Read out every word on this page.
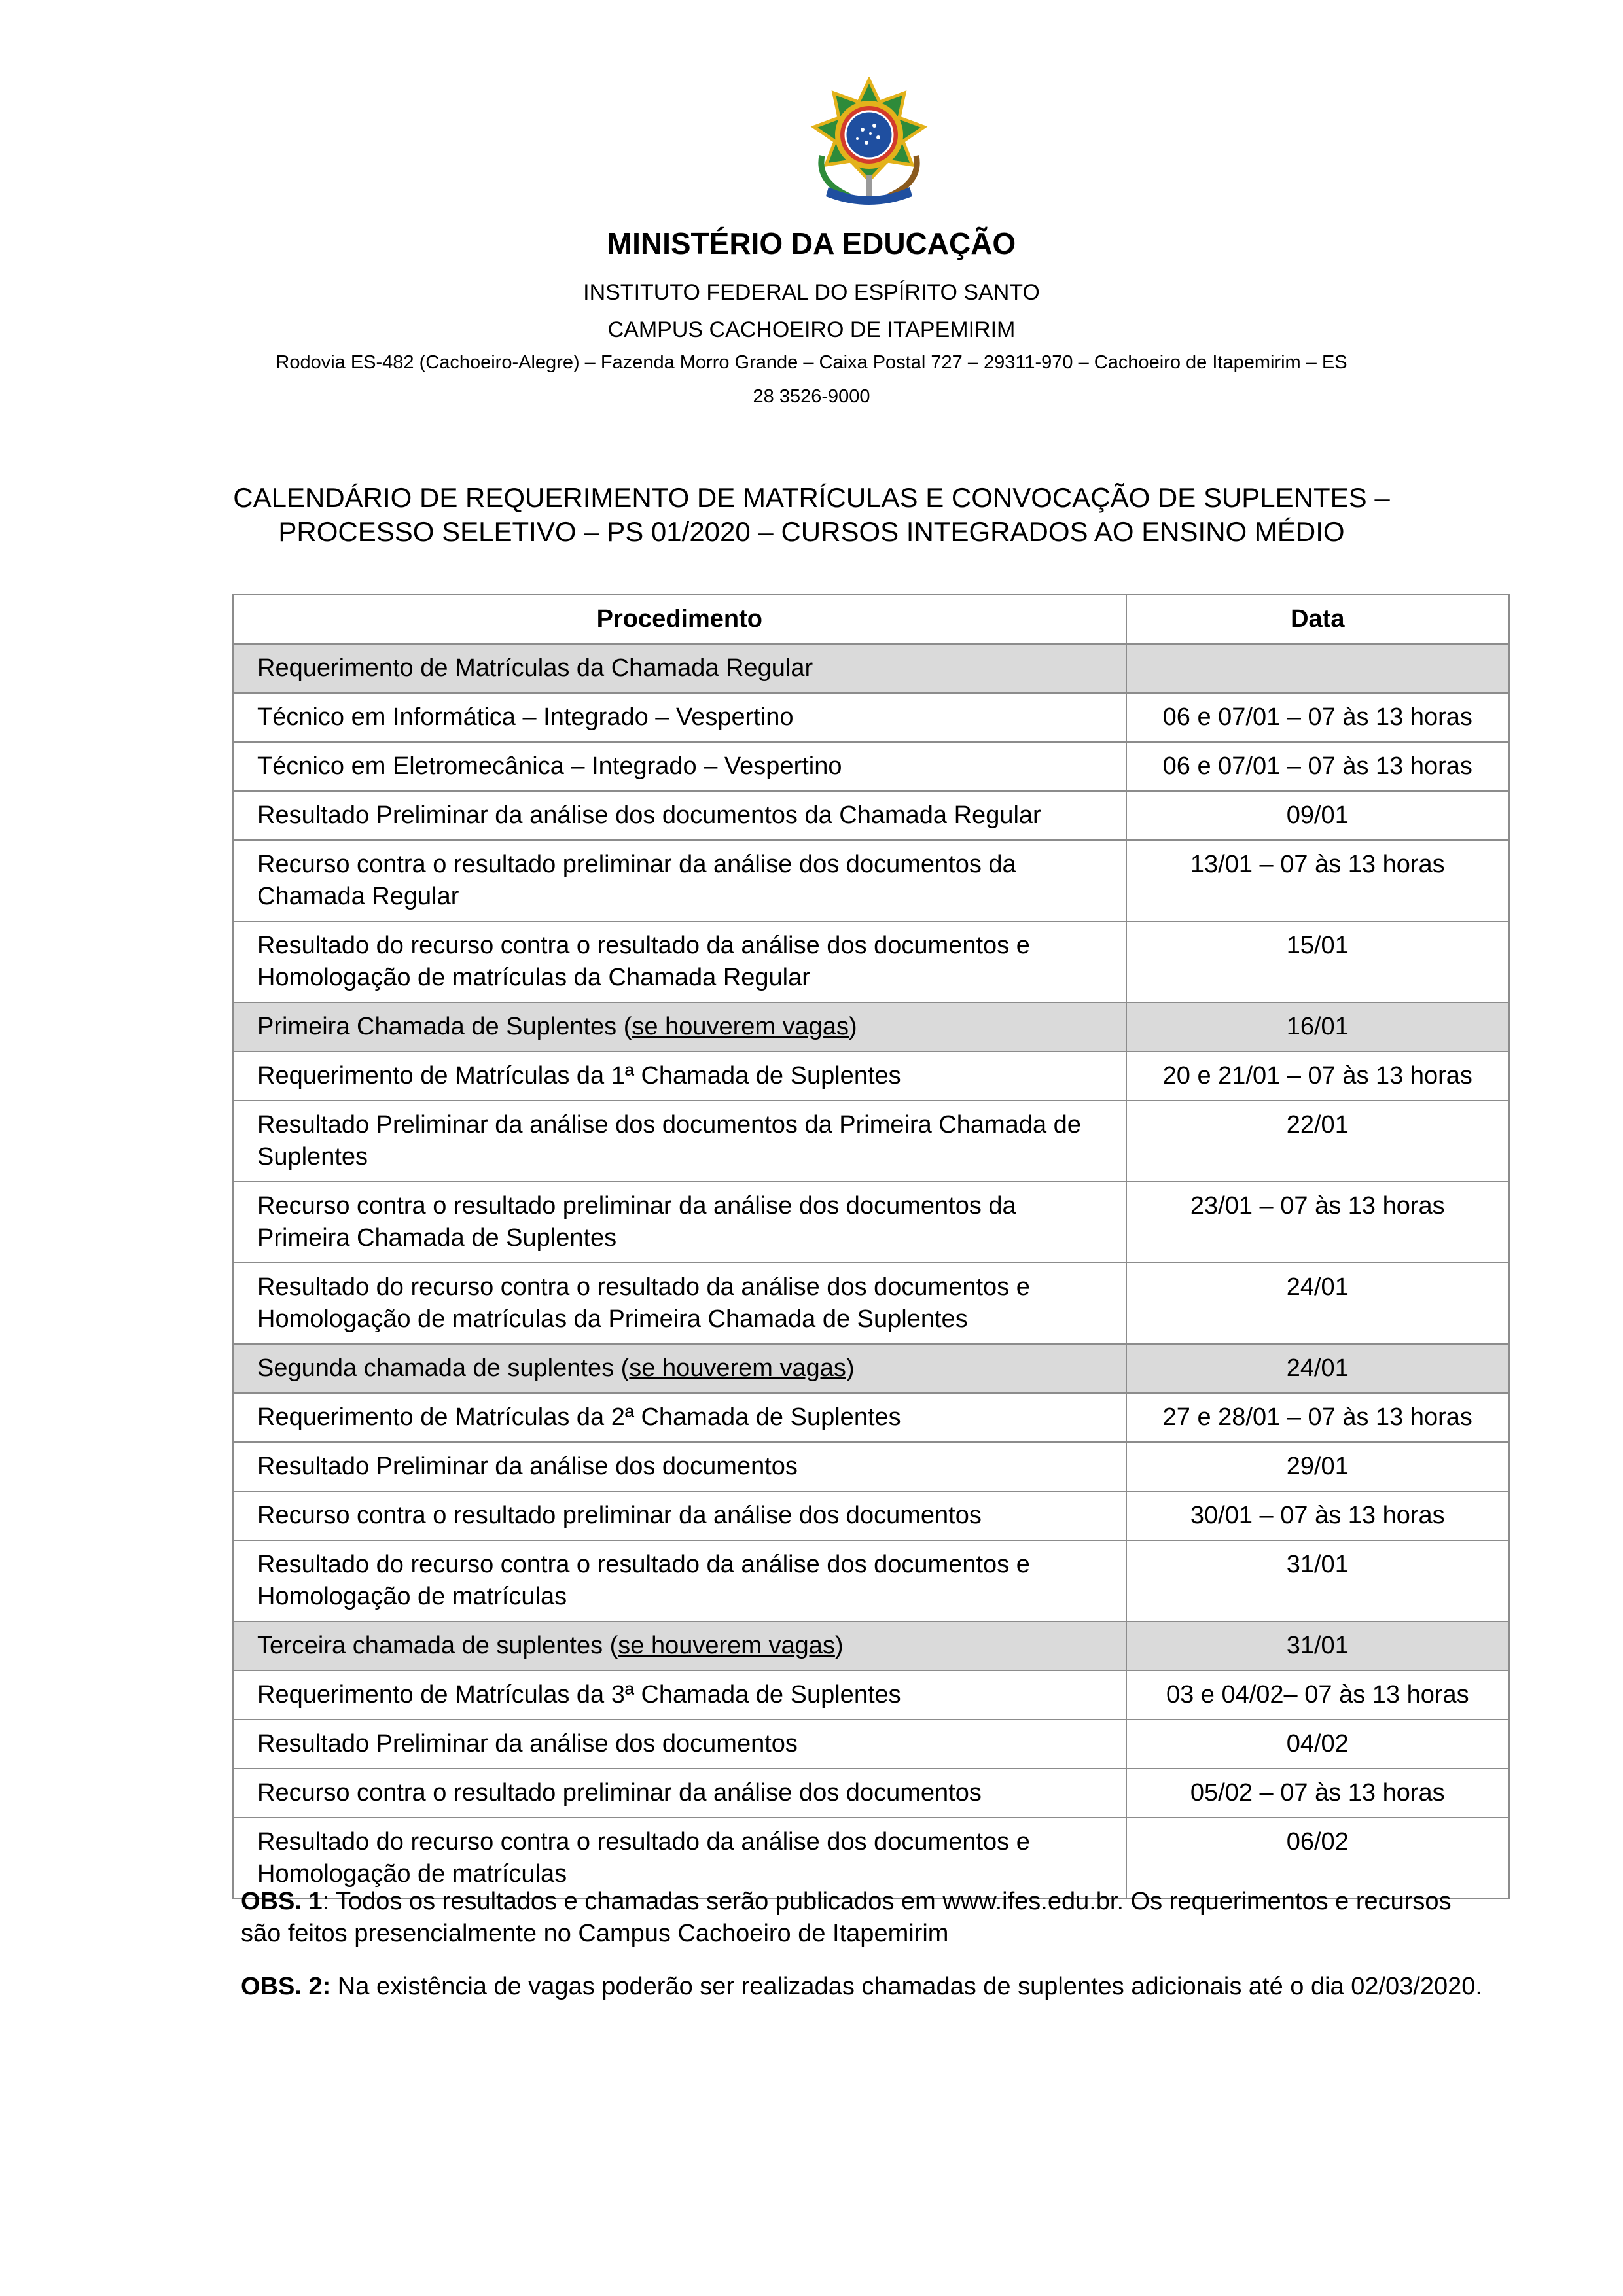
MINISTÉRIO DA EDUCAÇÃO
INSTITUTO FEDERAL DO ESPÍRITO SANTO
CAMPUS CACHOEIRO DE ITAPEMIRIM
Rodovia ES-482 (Cachoeiro-Alegre) – Fazenda Morro Grande – Caixa Postal 727 – 29311-970 – Cachoeiro de Itapemirim – ES
28 3526-9000
CALENDÁRIO DE REQUERIMENTO DE MATRÍCULAS E CONVOCAÇÃO DE SUPLENTES –
PROCESSO SELETIVO – PS 01/2020 – CURSOS INTEGRADOS AO ENSINO MÉDIO
Procedimento	Data
Requerimento de Matrículas da Chamada Regular	
Técnico em Informática – Integrado – Vespertino	06 e 07/01 – 07 às 13 horas
Técnico em Eletromecânica – Integrado – Vespertino	06 e 07/01 – 07 às 13 horas
Resultado Preliminar da análise dos documentos da Chamada Regular	09/01
Recurso contra o resultado preliminar da análise dos documentos da Chamada Regular	13/01 – 07 às 13 horas
Resultado do recurso contra o resultado da análise dos documentos e Homologação de matrículas da Chamada Regular	15/01
Primeira Chamada de Suplentes (se houverem vagas)	16/01
Requerimento de Matrículas da 1ª Chamada de Suplentes	20 e 21/01 – 07 às 13 horas
Resultado Preliminar da análise dos documentos da Primeira Chamada de Suplentes	22/01
Recurso contra o resultado preliminar da análise dos documentos da Primeira Chamada de Suplentes	23/01 – 07 às 13 horas
Resultado do recurso contra o resultado da análise dos documentos e Homologação de matrículas da Primeira Chamada de Suplentes	24/01
Segunda chamada de suplentes (se houverem vagas)	24/01
Requerimento de Matrículas da 2ª Chamada de Suplentes	27 e 28/01 – 07 às 13 horas
Resultado Preliminar da análise dos documentos	29/01
Recurso contra o resultado preliminar da análise dos documentos	30/01 – 07 às 13 horas
Resultado do recurso contra o resultado da análise dos documentos e Homologação de matrículas	31/01
Terceira chamada de suplentes (se houverem vagas)	31/01
Requerimento de Matrículas da 3ª Chamada de Suplentes	03 e 04/02– 07 às 13 horas
Resultado Preliminar da análise dos documentos	04/02
Recurso contra o resultado preliminar da análise dos documentos	05/02 – 07 às 13 horas
Resultado do recurso contra o resultado da análise dos documentos e Homologação de matrículas	06/02
OBS. 1: Todos os resultados e chamadas serão publicados em www.ifes.edu.br. Os requerimentos e recursos são feitos presencialmente no Campus Cachoeiro de Itapemirim
OBS. 2: Na existência de vagas poderão ser realizadas chamadas de suplentes adicionais até o dia 02/03/2020.
